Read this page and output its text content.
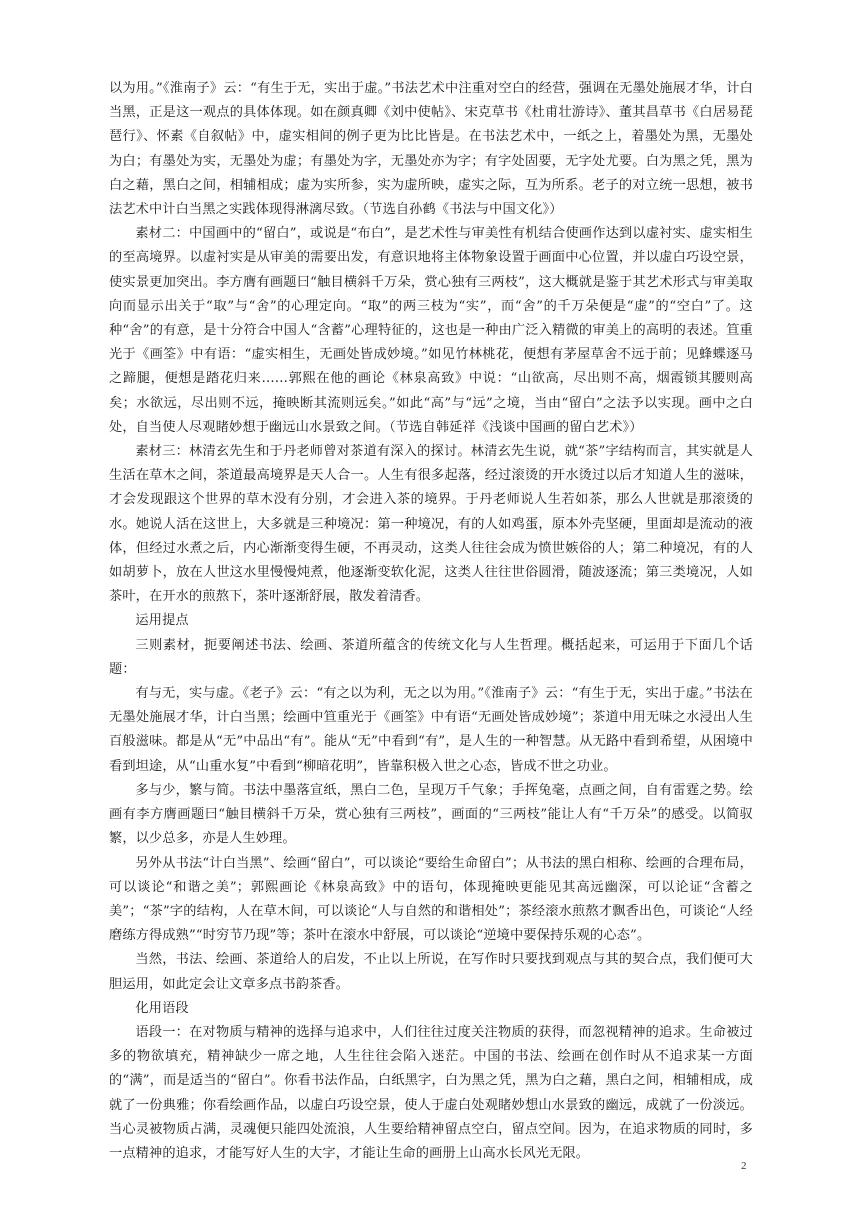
以为用。”《淮南子》云：“有生于无，实出于虚。”书法艺术中注重对空白的经营，强调在无墨处施展才华，计白当黑，正是这一观点的具体体现。如在颜真卿《刘中使帖》、宋克草书《杜甫壮游诗》、董其昌草书《白居易琵琶行》、怀素《自叙帖》中，虚实相间的例子更为比比皆是。在书法艺术中，一纸之上，着墨处为黑，无墨处为白；有墨处为实，无墨处为虚；有墨处为字，无墨处亦为字；有字处固要，无字处尤要。白为黑之凭，黑为白之藉，黑白之间，相辅相成；虚为实所参，实为虚所映，虚实之际，互为所系。老子的对立统一思想，被书法艺术中计白当黑之实践体现得淋漓尽致。（节选自孙鹤《书法与中国文化》）

素材二：中国画中的“留白”，或说是“布白”，是艺术性与审美性有机结合使画作达到以虚衬实、虚实相生的至高境界。以虚衬实是从审美的需要出发，有意识地将主体物象设置于画面中心位置，并以虚白巧设空景，使实景更加突出。李方膺有画题曰“触目横斜千万朵，赏心独有三两枝”，这大概就是鉴于其艺术形式与审美取向而显示出关于“取”与“舍”的心理定向。“取”的两三枝为“实”，而“舍”的千万朵便是“虚”的“空白”了。这种“舍”的有意，是十分符合中国人“含蓄”心理特征的，这也是一种由广泛入精微的审美上的高明的表述。笪重光于《画筌》中有语：“虚实相生，无画处皆成妙境。”如见竹林桃花，便想有茅屋草舍不远于前；见蜂蝶逐马之蹄腿，便想是踏花归来……郭熙在他的画论《林泉高致》中说：“山欲高，尽出则不高，烟霞锁其腰则高矣；水欲远，尽出则不远，掩映断其流则远矣。”如此“高”与“远”之境，当由“留白”之法予以实现。画中之白处，自当使人尽观睹妙想于幽远山水景致之间。（节选自韩延祥《浅谈中国画的留白艺术》）

素材三：林清玄先生和于丹老师曾对茶道有深入的探讨。林清玄先生说，就“茶”字结构而言，其实就是人生活在草木之间，茶道最高境界是天人合一。人生有很多起落，经过滚烫的开水烫过以后才知道人生的滋味，才会发现跟这个世界的草木没有分别，才会进入茶的境界。于丹老师说人生若如茶，那么人世就是那滚烫的水。她说人活在这世上，大多就是三种境况：第一种境况，有的人如鸡蛋，原本外壳坚硬，里面却是流动的液体，但经过水煮之后，内心渐渐变得生硬，不再灵动，这类人往往会成为愤世嫉俗的人；第二种境况，有的人如胡萝卜，放在人世这水里慢慢炖煮，他逐渐变软化泥，这类人往往世俗圆滑，随波逐流；第三类境况，人如茶叶，在开水的煎熬下，茶叶逐渐舒展，散发着清香。

运用提点

三则素材，扼要阐述书法、绘画、茶道所蕴含的传统文化与人生哲理。概括起来，可运用于下面几个话题：

有与无，实与虚。《老子》云：“有之以为利，无之以为用。”《淮南子》云：“有生于无，实出于虚。”书法在无墨处施展才华，计白当黑；绘画中笪重光于《画筌》中有语“无画处皆成妙境”；茶道中用无味之水浸出人生百般滋味。都是从“无”中品出“有”。能从“无”中看到“有”，是人生的一种智慧。从无路中看到希望，从困境中看到坦途，从“山重水复”中看到“柳暗花明”，皆靠积极入世之心态，皆成不世之功业。

多与少，繁与简。书法中墨落宣纸，黑白二色，呈现万千气象；手挥兔毫，点画之间，自有雷霆之势。绘画有李方膺画题曰“触目横斜千万朵，赏心独有三两枝”，画面的“三两枝”能让人有“千万朵”的感受。以简驭繁，以少总多，亦是人生妙理。

另外从书法“计白当黑”、绘画“留白”，可以谈论“要给生命留白”；从书法的黑白相称、绘画的合理布局，可以谈论“和谐之美”；郭熙画论《林泉高致》中的语句，体现掩映更能见其高远幽深，可以论证“含蓄之美”；“茶”字的结构，人在草木间，可以谈论“人与自然的和谐相处”；茶经滚水煎熬才飘香出色，可谈论“人经磨练方得成熟”“时穷节乃现”等；茶叶在滚水中舒展，可以谈论“逆境中要保持乐观的心态”。

当然，书法、绘画、茶道给人的启发，不止以上所说，在写作时只要找到观点与其的契合点，我们便可大胆运用，如此定会让文章多点书韵茶香。

化用语段

语段一：在对物质与精神的选择与追求中，人们往往过度关注物质的获得，而忽视精神的追求。生命被过多的物欲填充，精神缺少一席之地，人生往往会陷入迷茫。中国的书法、绘画在创作时从不追求某一方面的“满”，而是适当的“留白”。你看书法作品，白纸黑字，白为黑之凭，黑为白之藉，黑白之间，相辅相成，成就了一份典雅；你看绘画作品，以虚白巧设空景，使人于虚白处观睹妙想山水景致的幽远，成就了一份淡远。当心灵被物质占满，灵魂便只能四处流浪，人生要给精神留点空白，留点空间。因为，在追求物质的同时，多一点精神的追求，才能写好人生的大字，才能让生命的画册上山高水长风光无限。

2
